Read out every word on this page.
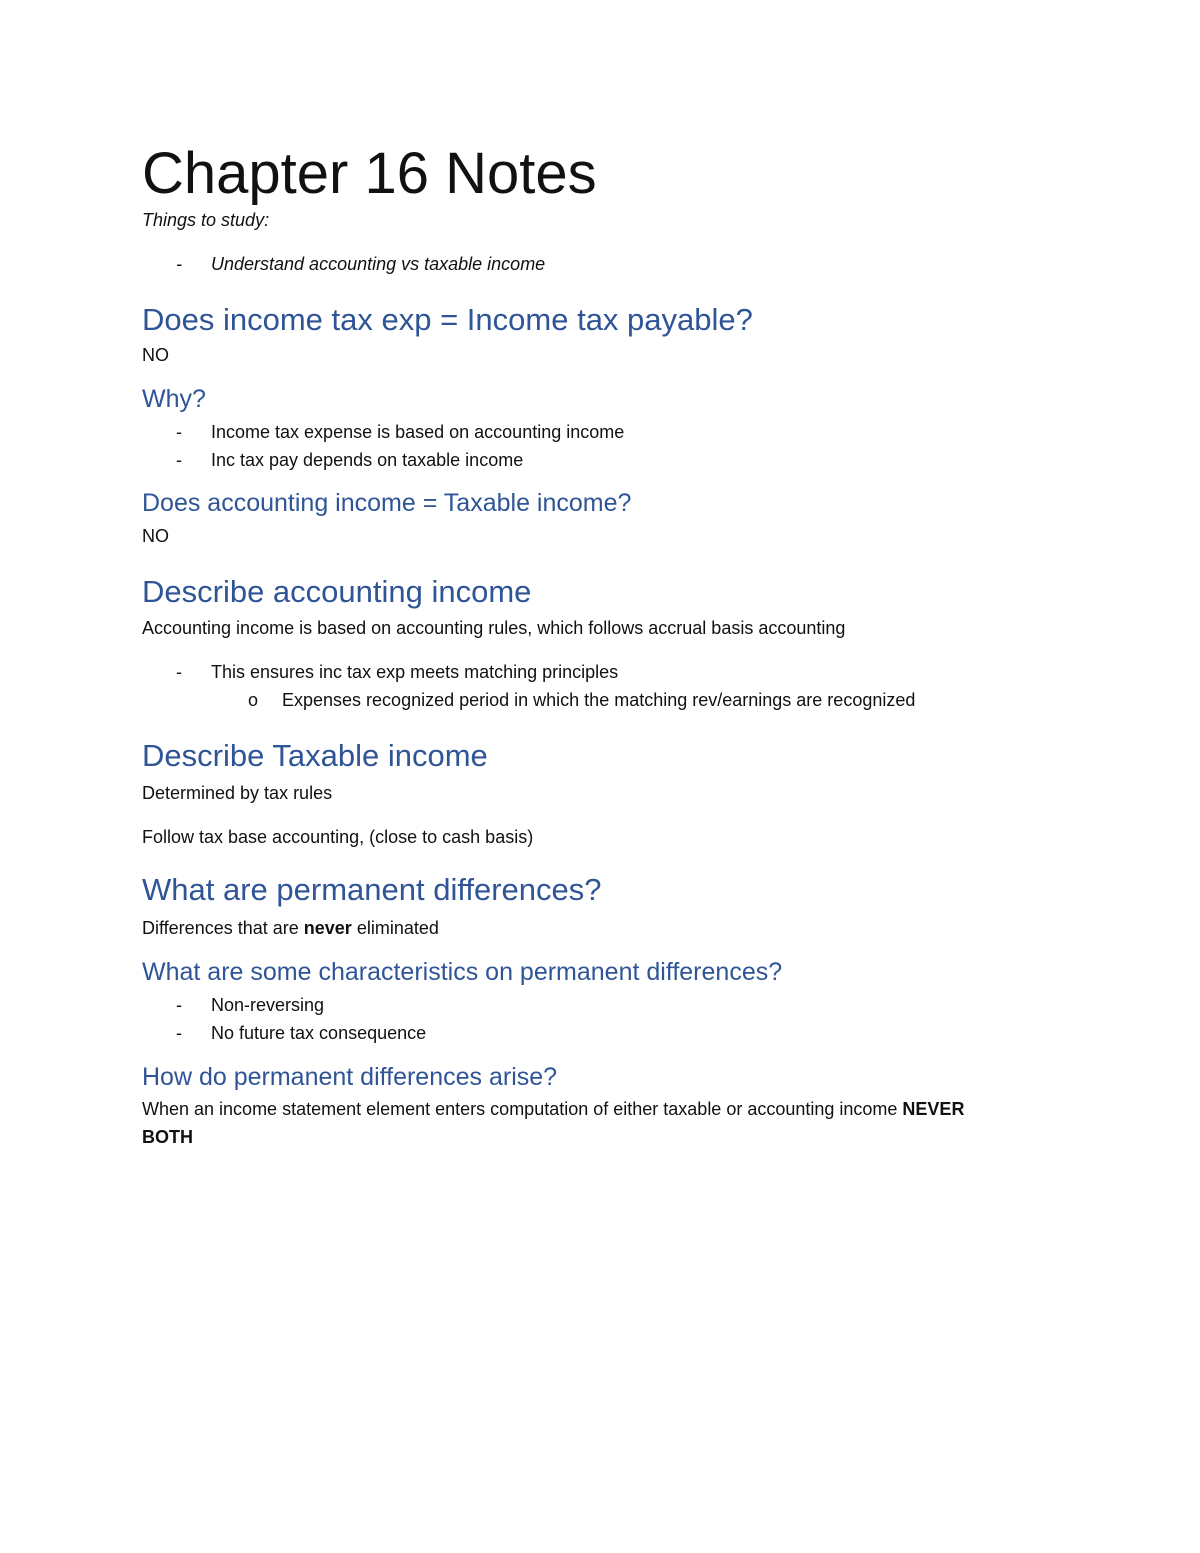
Chapter 16 Notes
Things to study:
- Understand accounting vs taxable income
Does income tax exp = Income tax payable?
NO
Why?
- Income tax expense is based on accounting income
- Inc tax pay depends on taxable income
Does accounting income = Taxable income?
NO
Describe accounting income
Accounting income is based on accounting rules, which follows accrual basis accounting
- This ensures inc tax exp meets matching principles
o Expenses recognized period in which the matching rev/earnings are recognized
Describe Taxable income
Determined by tax rules
Follow tax base accounting, (close to cash basis)
What are permanent differences?
Differences that are never eliminated
What are some characteristics on permanent differences?
- Non-reversing
- No future tax consequence
How do permanent differences arise?
When an income statement element enters computation of either taxable or accounting income NEVER
BOTH
